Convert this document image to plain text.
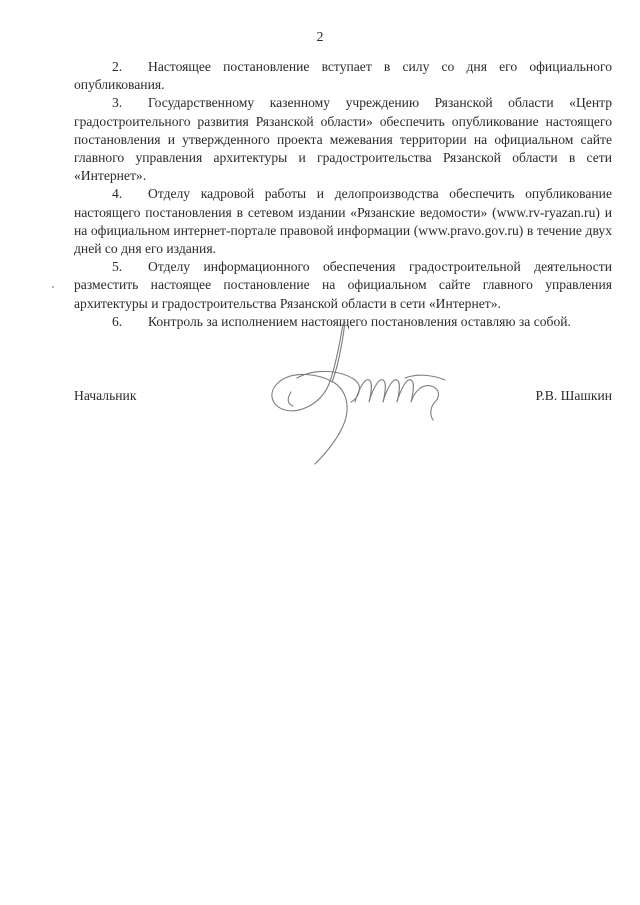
2

2. Настоящее постановление вступает в силу со дня его официального опубликования.

3. Государственному казенному учреждению Рязанской области «Центр градостроительного развития Рязанской области» обеспечить опубликование настоящего постановления и утвержденного проекта межевания территории на официальном сайте главного управления архитектуры и градостроительства Рязанской области в сети «Интернет».

4. Отделу кадровой работы и делопроизводства обеспечить опубликование настоящего постановления в сетевом издании «Рязанские ведомости» (www.rv-ryazan.ru) и на официальном интернет-портале правовой информации (www.pravo.gov.ru) в течение двух дней со дня его издания.

5. Отделу информационного обеспечения градостроительной деятельности разместить настоящее постановление на официальном сайте главного управления архитектуры и градостроительства Рязанской области в сети «Интернет».

6. Контроль за исполнением настоящего постановления оставляю за собой.

Начальник	Р.В. Шашкин
